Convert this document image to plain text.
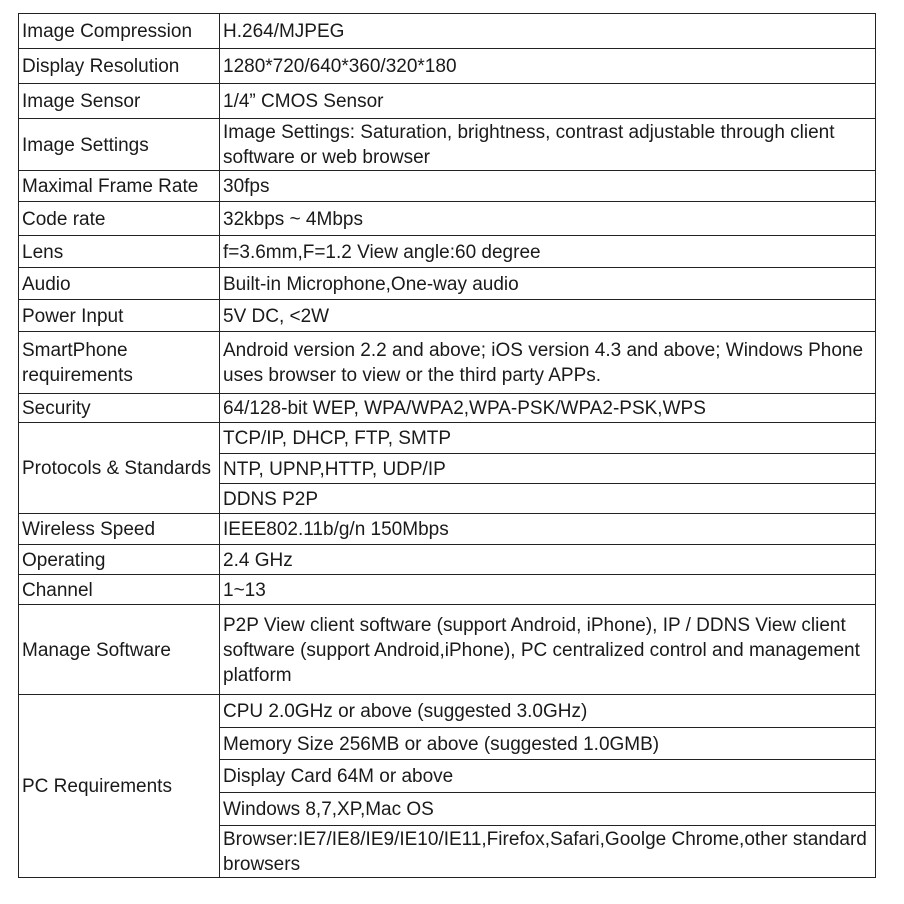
Image Compression	H.264/MJPEG
Display Resolution	1280*720/640*360/320*180
Image Sensor	1/4” CMOS Sensor
Image Settings	Image Settings: Saturation, brightness, contrast adjustable through client software or web browser
Maximal Frame Rate	30fps
Code rate	32kbps ~ 4Mbps
Lens	f=3.6mm,F=1.2 View angle:60 degree
Audio	Built-in Microphone,One-way audio
Power Input	5V DC, <2W
SmartPhone requirements	Android version 2.2 and above; iOS version 4.3 and above; Windows Phone uses browser to view or the third party APPs.
Security	64/128-bit WEP, WPA/WPA2,WPA-PSK/WPA2-PSK,WPS
Protocols & Standards	TCP/IP, DHCP, FTP, SMTP
	NTP, UPNP,HTTP, UDP/IP
	DDNS P2P
Wireless Speed	IEEE802.11b/g/n 150Mbps
Operating	2.4 GHz
Channel	1~13
Manage Software	P2P View client software (support Android, iPhone), IP / DDNS View client software (support Android,iPhone), PC centralized control and management platform
PC Requirements	CPU 2.0GHz or above (suggested 3.0GHz)
	Memory Size 256MB or above (suggested 1.0GMB)
	Display Card 64M or above
	Windows 8,7,XP,Mac OS
	Browser:IE7/IE8/IE9/IE10/IE11,Firefox,Safari,Goolge Chrome,other standard browsers
